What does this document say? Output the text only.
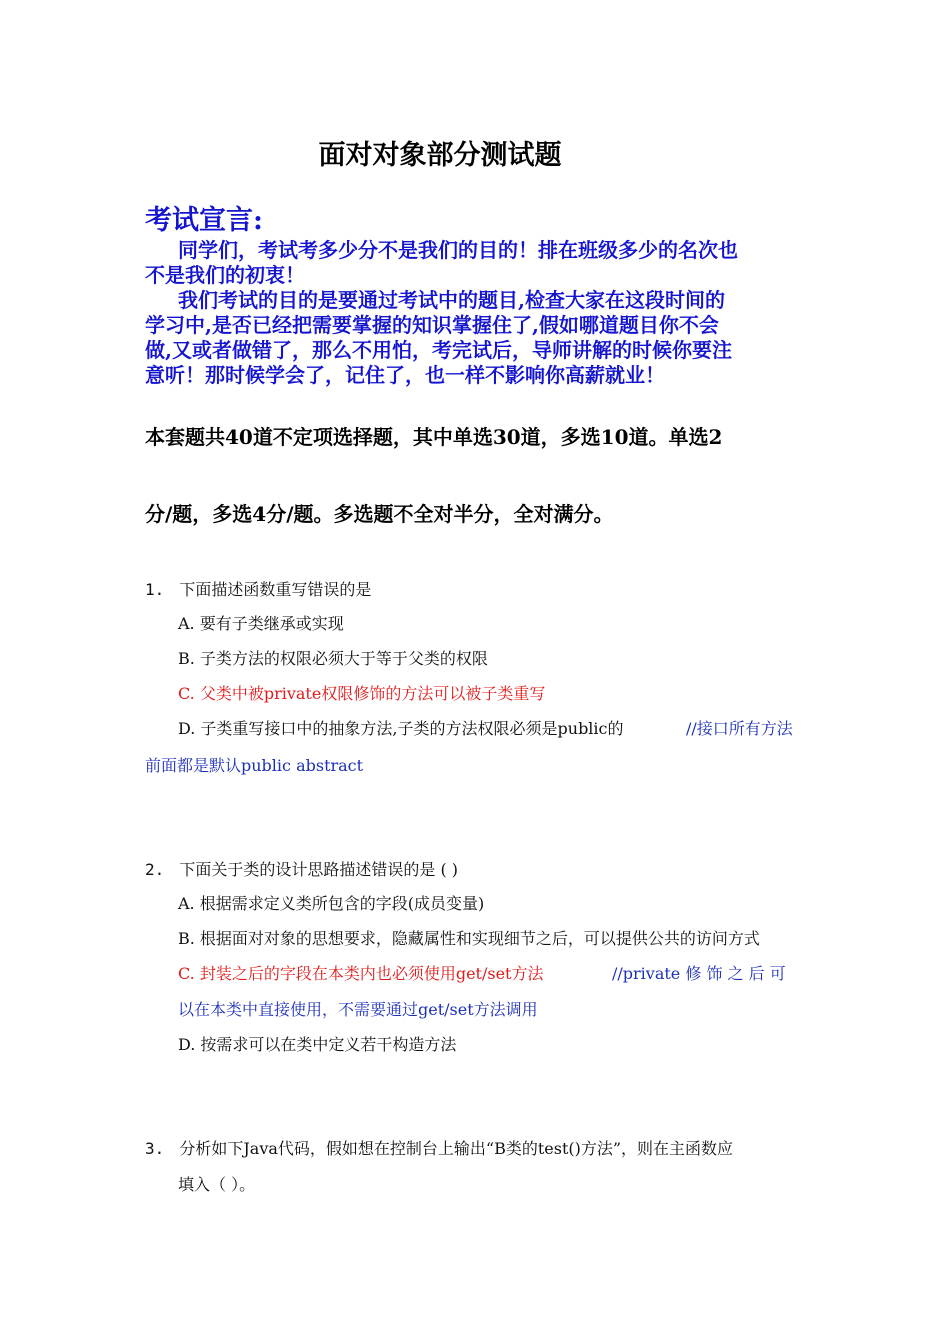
面对对象部分测试题
考试宣言:
同学们，考试考多少分不是我们的目的！排在班级多少的名次也
不是我们的初衷！
我们考试的目的是要通过考试中的题目,检查大家在这段时间的
学习中,是否已经把需要掌握的知识掌握住了,假如哪道题目你不会
做,又或者做错了，那么不用怕，考完试后，导师讲解的时候你要注
意听！那时候学会了，记住了，也一样不影响你高薪就业！
本套题共40道不定项选择题，其中单选30道，多选10道。单选2
分/题，多选4分/题。多选题不全对半分，全对满分。
1. 下面描述函数重写错误的是
A. 要有子类继承或实现
B. 子类方法的权限必须大于等于父类的权限
C. 父类中被private权限修饰的方法可以被子类重写
D. 子类重写接口中的抽象方法,子类的方法权限必须是public的	//接口所有方法
前面都是默认public abstract
2. 下面关于类的设计思路描述错误的是 ( )
A. 根据需求定义类所包含的字段(成员变量)
B. 根据面对对象的思想要求，隐藏属性和实现细节之后，可以提供公共的访问方式
C. 封装之后的字段在本类内也必须使用get/set方法	//private 修 饰 之 后 可
以在本类中直接使用，不需要通过get/set方法调用
D. 按需求可以在类中定义若干构造方法
3. 分析如下Java代码，假如想在控制台上输出“B类的test()方法”，则在主函数应
填入（ ）。
